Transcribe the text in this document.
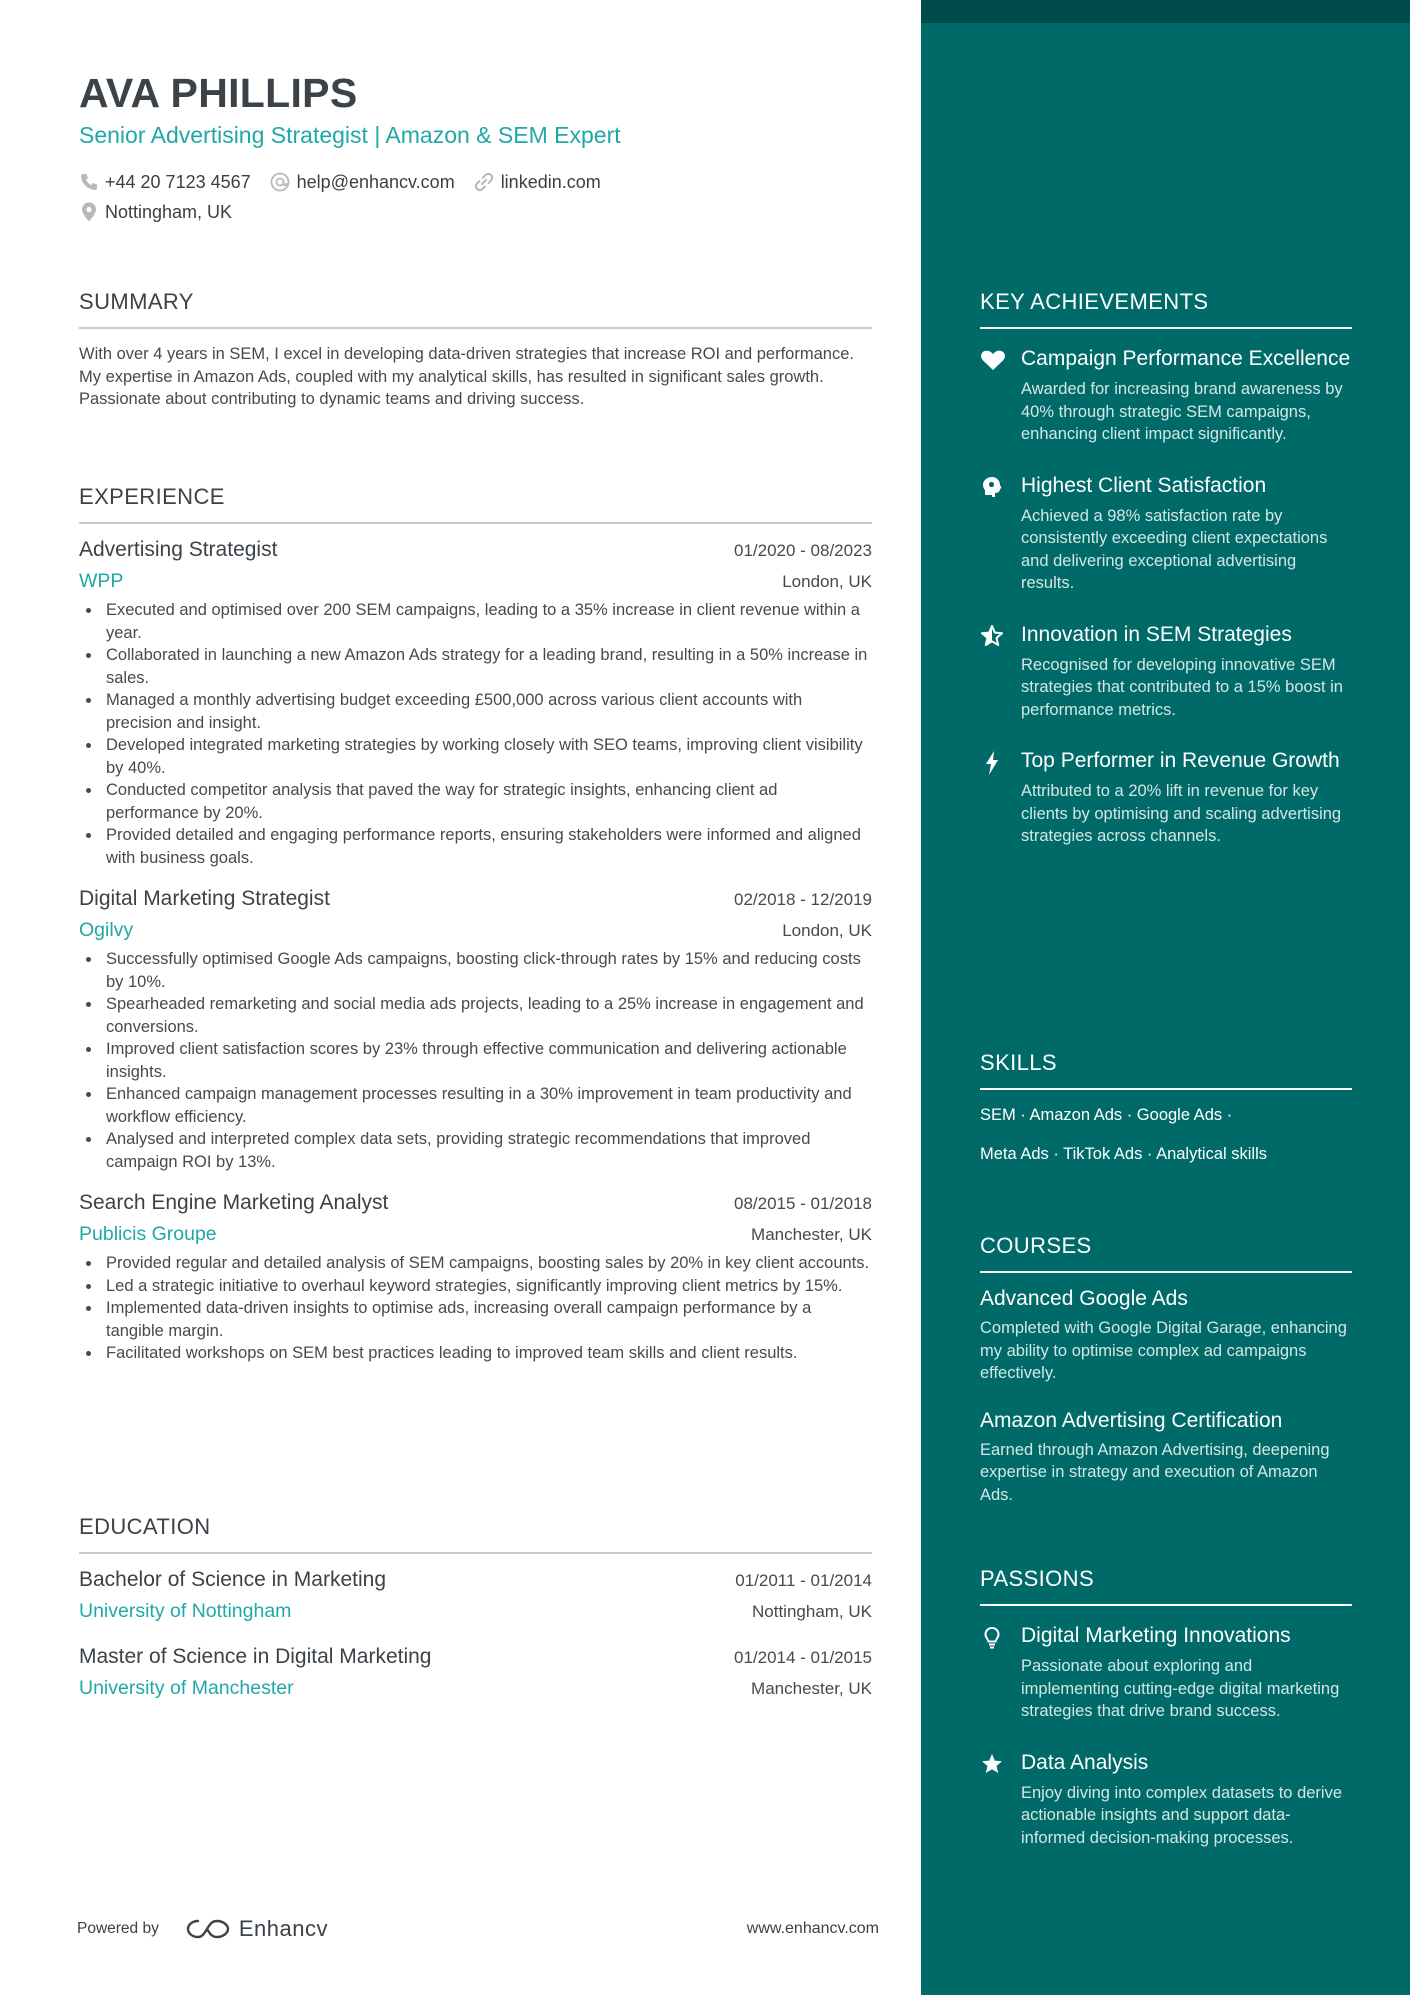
AVA PHILLIPS
Senior Advertising Strategist | Amazon & SEM Expert
+44 20 7123 4567	help@enhancv.com	linkedin.com
Nottingham, UK
SUMMARY
With over 4 years in SEM, I excel in developing data-driven strategies that increase ROI and performance. My expertise in Amazon Ads, coupled with my analytical skills, has resulted in significant sales growth. Passionate about contributing to dynamic teams and driving success.
EXPERIENCE
Advertising Strategist	01/2020 - 08/2023
WPP	London, UK
Executed and optimised over 200 SEM campaigns, leading to a 35% increase in client revenue within a year.
Collaborated in launching a new Amazon Ads strategy for a leading brand, resulting in a 50% increase in sales.
Managed a monthly advertising budget exceeding £500,000 across various client accounts with precision and insight.
Developed integrated marketing strategies by working closely with SEO teams, improving client visibility by 40%.
Conducted competitor analysis that paved the way for strategic insights, enhancing client ad performance by 20%.
Provided detailed and engaging performance reports, ensuring stakeholders were informed and aligned with business goals.
Digital Marketing Strategist	02/2018 - 12/2019
Ogilvy	London, UK
Successfully optimised Google Ads campaigns, boosting click-through rates by 15% and reducing costs by 10%.
Spearheaded remarketing and social media ads projects, leading to a 25% increase in engagement and conversions.
Improved client satisfaction scores by 23% through effective communication and delivering actionable insights.
Enhanced campaign management processes resulting in a 30% improvement in team productivity and workflow efficiency.
Analysed and interpreted complex data sets, providing strategic recommendations that improved campaign ROI by 13%.
Search Engine Marketing Analyst	08/2015 - 01/2018
Publicis Groupe	Manchester, UK
Provided regular and detailed analysis of SEM campaigns, boosting sales by 20% in key client accounts.
Led a strategic initiative to overhaul keyword strategies, significantly improving client metrics by 15%.
Implemented data-driven insights to optimise ads, increasing overall campaign performance by a tangible margin.
Facilitated workshops on SEM best practices leading to improved team skills and client results.
EDUCATION
Bachelor of Science in Marketing	01/2011 - 01/2014
University of Nottingham	Nottingham, UK
Master of Science in Digital Marketing	01/2014 - 01/2015
University of Manchester	Manchester, UK
Powered by	Enhancv	www.enhancv.com
KEY ACHIEVEMENTS
Campaign Performance Excellence
Awarded for increasing brand awareness by 40% through strategic SEM campaigns, enhancing client impact significantly.
Highest Client Satisfaction
Achieved a 98% satisfaction rate by consistently exceeding client expectations and delivering exceptional advertising results.
Innovation in SEM Strategies
Recognised for developing innovative SEM strategies that contributed to a 15% boost in performance metrics.
Top Performer in Revenue Growth
Attributed to a 20% lift in revenue for key clients by optimising and scaling advertising strategies across channels.
SKILLS
SEM · Amazon Ads · Google Ads ·
Meta Ads · TikTok Ads · Analytical skills
COURSES
Advanced Google Ads
Completed with Google Digital Garage, enhancing my ability to optimise complex ad campaigns effectively.
Amazon Advertising Certification
Earned through Amazon Advertising, deepening expertise in strategy and execution of Amazon Ads.
PASSIONS
Digital Marketing Innovations
Passionate about exploring and implementing cutting-edge digital marketing strategies that drive brand success.
Data Analysis
Enjoy diving into complex datasets to derive actionable insights and support data-informed decision-making processes.
